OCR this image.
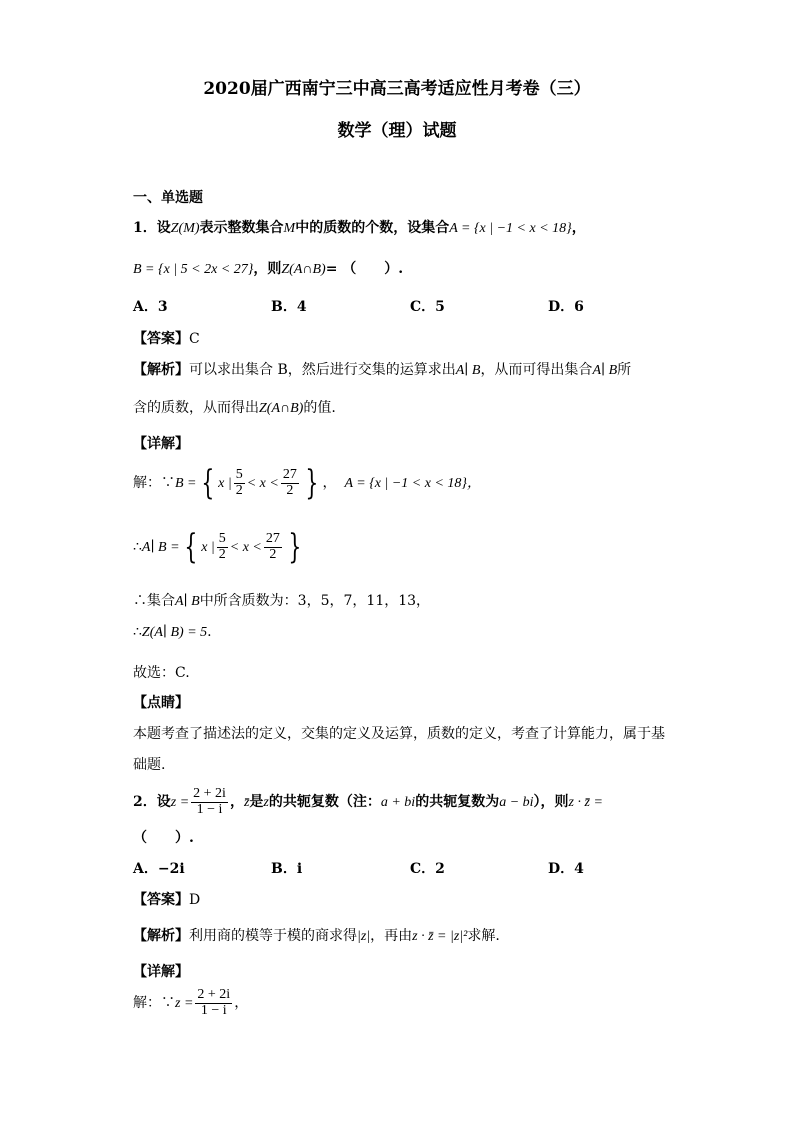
2020届广西南宁三中高三高考适应性月考卷（三）
数学（理）试题
一、单选题
1．设Z(M)表示整数集合M中的质数的个数，设集合A = {x | −1 < x < 18}，
B = {x | 5 < 2x < 27}，则Z(A∩B)= （　　）.
A．3	B．4	C．5	D．6
【答案】C
【解析】可以求出集合 B，然后进行交集的运算求出A∣ B，从而可得出集合A∣ B所
含的质数，从而得出Z(A∩B)的值.
【详解】
解：∵B = { x | $\frac{5}{2} < x < \frac{27}{2}$ } ， A = {x | −1 < x < 18}，
∴A∣ B = { x | $\frac{5}{2} < x < \frac{27}{2}$ }
∴集合A∣ B中所含质数为：3，5，7，11，13，
∴Z(A∣ B) = 5.
故选：C.
【点睛】
本题考查了描述法的定义，交集的定义及运算，质数的定义，考查了计算能力，属于基
础题.
2．设$z = \frac{2 + 2i}{1 - i}$ ，z̄是z的共轭复数（注：a + bi的共轭复数为a − bi），则z · z̄ =
（　　）.
A．−2i	B．i	C．2	D．4
【答案】D
【解析】利用商的模等于模的商求得|z|，再由z · z̄ = |z|²求解.
【详解】
解：∵z = $\frac{2 + 2i}{1 - i}$ ，
